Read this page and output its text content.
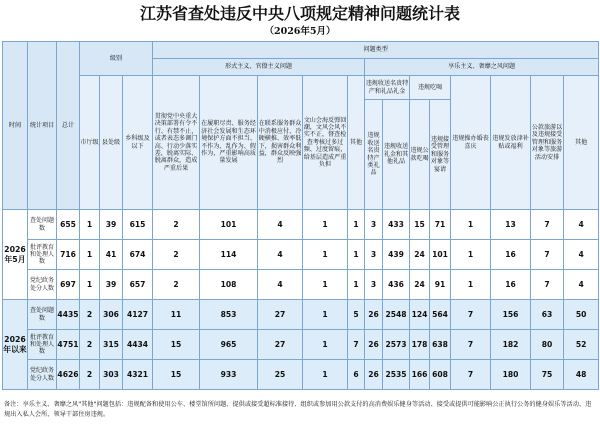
江苏省查处违反中央八项规定精神问题统计表
（2026年5月）
时间	统计项目	总计	级别			问题类型												
						形式主义、官僚主义问题					享乐主义、奢靡之风问题							
			市厅级	县处级	乡科级及以下	贯彻党中央重大决策部署有令不行、有禁不止，或者表态多调门高、行动少落实差，脱离实际、脱离群众，造成严重后果	在履职尽责、服务经济社会发展和生态环境保护方面不担当、不作为、乱作为、假作为，严重影响高质量发展	在联系服务群众中消极应付、冷硬横推、效率低下，损害群众利益，群众反映强烈	文山会海反弹回潮，文风会风不实不正，督查检查考核过多过频、过度留痕，给基层造成严重负担	其他	违规收送名贵特产和礼品礼金		违规吃喝		违规操办婚丧喜庆	违规发放津补贴或福利	公款旅游以及违规接受管理和服务对象等旅游活动安排	其他
											违规收送名贵特产类礼品	违规收送礼金和其他礼品	违规公款吃喝	违规接受管理和服务对象等宴请				
2026年5月	查处问题数	655	1	39	615	2	101	4	1	1	3	433	15	71	1	13	7	4
	批评教育和处理人数	716	1	41	674	2	114	4	1	1	3	439	24	101	1	16	7	4
	党纪政务处分人数	697	1	39	657	2	108	4	1	1	3	436	24	91	1	16	7	4
2026年以来	查处问题数	4435	2	306	4127	11	853	27	1	5	26	2548	124	564	7	156	63	50
	批评教育和处理人数	4751	2	315	4434	15	965	27	1	7	26	2573	178	638	7	182	80	52
	党纪政务处分人数	4626	2	303	4321	15	933	25	1	6	26	2535	166	608	7	180	75	48
备注：享乐主义、奢靡之风"其他"问题包括：违规配备和使用公车、楼堂馆所问题、提供或接受超标准接待、组织或参加用公款支付的高消费娱乐健身等活动、接受或提供可能影响公正执行公务的健身娱乐等活动、违规出入私人会所、领导干部住房违规。
